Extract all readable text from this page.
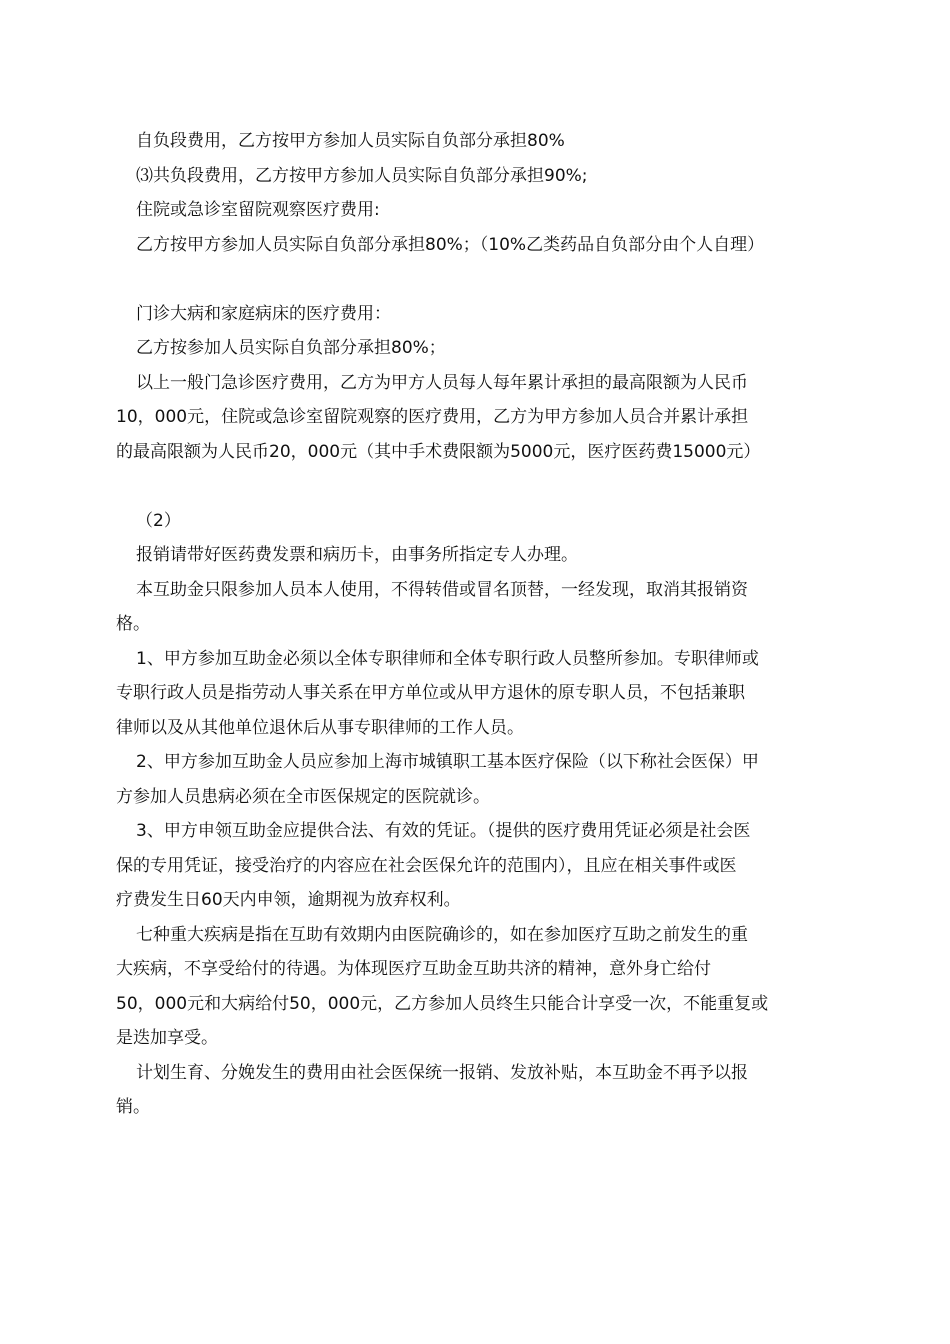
自负段费用，乙方按甲方参加人员实际自负部分承担80%
⑶共负段费用，乙方按甲方参加人员实际自负部分承担90%;
住院或急诊室留院观察医疗费用:
乙方按甲方参加人员实际自负部分承担80%；（10%乙类药品自负部分由个人自理）
门诊大病和家庭病床的医疗费用：
乙方按参加人员实际自负部分承担80%；
以上一般门急诊医疗费用，乙方为甲方人员每人每年累计承担的最高限额为人民币
10，000元，住院或急诊室留院观察的医疗费用，乙方为甲方参加人员合并累计承担
的最高限额为人民币20，000元（其中手术费限额为5000元，医疗医药费15000元）
（2）
报销请带好医药费发票和病历卡，由事务所指定专人办理。
本互助金只限参加人员本人使用，不得转借或冒名顶替，一经发现，取消其报销资
格。
1、甲方参加互助金必须以全体专职律师和全体专职行政人员整所参加。专职律师或
专职行政人员是指劳动人事关系在甲方单位或从甲方退休的原专职人员，不包括兼职
律师以及从其他单位退休后从事专职律师的工作人员。
2、甲方参加互助金人员应参加上海市城镇职工基本医疗保险（以下称社会医保）甲
方参加人员患病必须在全市医保规定的医院就诊。
3、甲方申领互助金应提供合法、有效的凭证。（提供的医疗费用凭证必须是社会医
保的专用凭证，接受治疗的内容应在社会医保允许的范围内），且应在相关事件或医
疗费发生日60天内申领，逾期视为放弃权利。
七种重大疾病是指在互助有效期内由医院确诊的，如在参加医疗互助之前发生的重
大疾病，不享受给付的待遇。为体现医疗互助金互助共济的精神，意外身亡给付
50，000元和大病给付50，000元，乙方参加人员终生只能合计享受一次，不能重复或
是迭加享受。
计划生育、分娩发生的费用由社会医保统一报销、发放补贴，本互助金不再予以报
销。
